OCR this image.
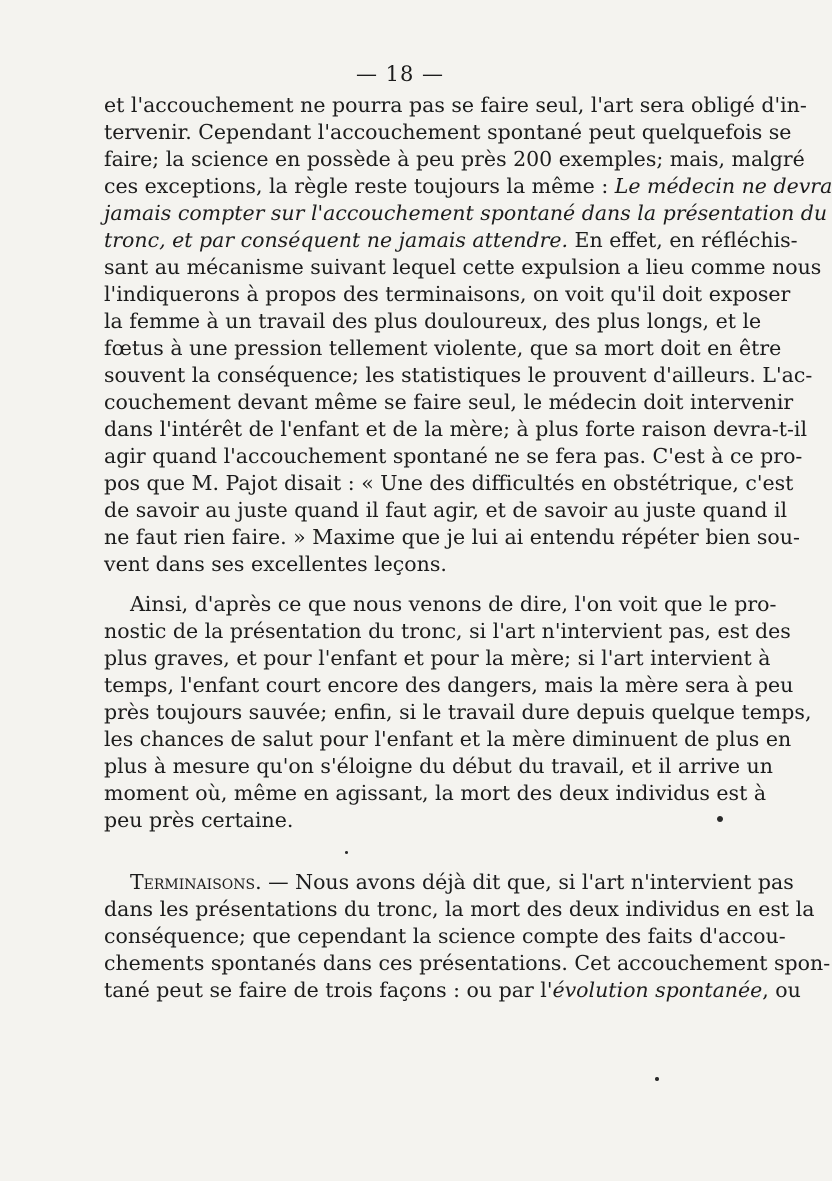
— 18 —
et l'accouchement ne pourra pas se faire seul, l'art sera obligé d'in-
tervenir. Cependant l'accouchement spontané peut quelquefois se
faire; la science en possède à peu près 200 exemples; mais, malgré
ces exceptions, la règle reste toujours la même : Le médecin ne devra
jamais compter sur l'accouchement spontané dans la présentation du
tronc, et par conséquent ne jamais attendre. En effet, en réfléchis-
sant au mécanisme suivant lequel cette expulsion a lieu comme nous
l'indiquerons à propos des terminaisons, on voit qu'il doit exposer
la femme à un travail des plus douloureux, des plus longs, et le
fœtus à une pression tellement violente, que sa mort doit en être
souvent la conséquence; les statistiques le prouvent d'ailleurs. L'ac-
couchement devant même se faire seul, le médecin doit intervenir
dans l'intérêt de l'enfant et de la mère; à plus forte raison devra-t-il
agir quand l'accouchement spontané ne se fera pas. C'est à ce pro-
pos que M. Pajot disait : « Une des difficultés en obstétrique, c'est
de savoir au juste quand il faut agir, et de savoir au juste quand il
ne faut rien faire. » Maxime que je lui ai entendu répéter bien sou-
vent dans ses excellentes leçons.
Ainsi, d'après ce que nous venons de dire, l'on voit que le pro-
nostic de la présentation du tronc, si l'art n'intervient pas, est des
plus graves, et pour l'enfant et pour la mère; si l'art intervient à
temps, l'enfant court encore des dangers, mais la mère sera à peu
près toujours sauvée; enfin, si le travail dure depuis quelque temps,
les chances de salut pour l'enfant et la mère diminuent de plus en
plus à mesure qu'on s'éloigne du début du travail, et il arrive un
moment où, même en agissant, la mort des deux individus est à
peu près certaine.
Terminaisons. — Nous avons déjà dit que, si l'art n'intervient pas
dans les présentations du tronc, la mort des deux individus en est la
conséquence; que cependant la science compte des faits d'accou-
chements spontanés dans ces présentations. Cet accouchement spon-
tané peut se faire de trois façons : ou par l'évolution spontanée, ou
